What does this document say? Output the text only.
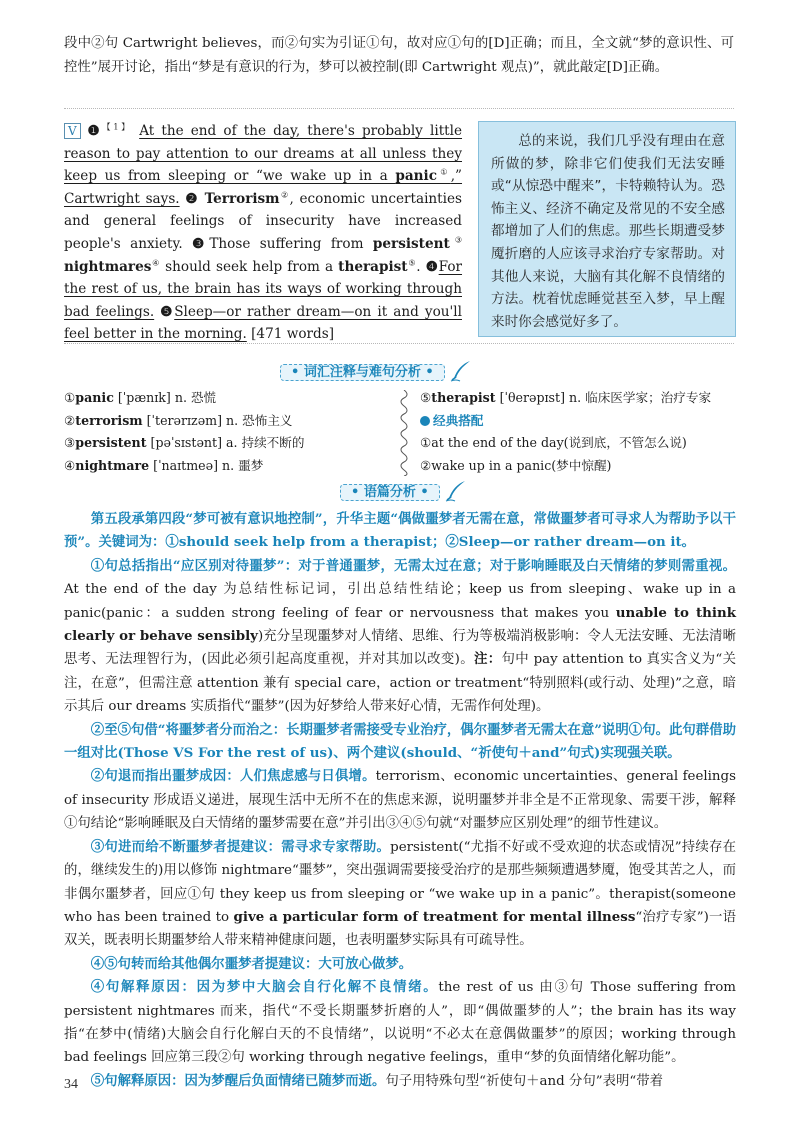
段中②句 Cartwright believes，而②句实为引证①句，故对应①句的[D]正确；而且，全文就“梦的意识性、可控性”展开讨论，指出“梦是有意识的行为，梦可以被控制(即 Cartwright 观点)”，就此敲定[D]正确。

V ❶$^{【1】}$ At the end of the day, there's probably little reason to pay attention to our dreams at all unless they keep us from sleeping or “we wake up in a panic①,” Cartwright says. ❷ Terrorism②, economic uncertainties and general feelings of insecurity have increased people's anxiety. ❸Those suffering from persistent③ nightmares④ should seek help from a therapist⑤. ❹For the rest of us, the brain has its ways of working through bad feelings. ❺Sleep—or rather dream—on it and you'll feel better in the morning. [471 words]

总的来说，我们几乎没有理由在意所做的梦，除非它们使我们无法安睡或“从惊恐中醒来”，卡特赖特认为。恐怖主义、经济不确定及常见的不安全感都增加了人们的焦虑。那些长期遭受梦魇折磨的人应该寻求治疗专家帮助。对其他人来说，大脑有其化解不良情绪的方法。枕着忧虑睡觉甚至入梦，早上醒来时你会感觉好多了。
• 词汇注释与难句分析 •

①panic [ˈpænɪk] n. 恐慌

②terrorism [ˈterərɪzəm] n. 恐怖主义

③persistent [pəˈsɪstənt] a. 持续不断的

④nightmare [ˈnaɪtmeə] n. 噩梦

⑤therapist [ˈθerəpɪst] n. 临床医学家；治疗专家

经典搭配

①at the end of the day(说到底，不管怎么说)

②wake up in a panic(梦中惊醒)

• 语篇分析 •

第五段承第四段“梦可被有意识地控制”，升华主题“偶做噩梦者无需在意，常做噩梦者可寻求人为帮助予以干预”。关键词为：①should seek help from a therapist；②Sleep—or rather dream—on it。

①句总括指出“应区别对待噩梦”：对于普通噩梦，无需太过在意；对于影响睡眠及白天情绪的梦则需重视。At the end of the day 为总结性标记词，引出总结性结论；keep us from sleeping、wake up in a panic(panic：a sudden strong feeling of fear or nervousness that makes you unable to think clearly or behave sensibly)充分呈现噩梦对人情绪、思维、行为等极端消极影响：令人无法安睡、无法清晰思考、无法理智行为，(因此必须引起高度重视，并对其加以改变)。注：句中 pay attention to 真实含义为“关注，在意”，但需注意 attention 兼有 special care，action or treatment“特别照料(或行动、处理)”之意，暗示其后 our dreams 实质指代“噩梦”(因为好梦给人带来好心情，无需作何处理)。

②至⑤句借“将噩梦者分而治之：长期噩梦者需接受专业治疗，偶尔噩梦者无需太在意”说明①句。此句群借助一组对比(Those VS For the rest of us)、两个建议(should、“祈使句＋and”句式)实现强关联。

②句退而指出噩梦成因：人们焦虑感与日俱增。terrorism、economic uncertainties、general feelings of insecurity 形成语义递进，展现生活中无所不在的焦虑来源，说明噩梦并非全是不正常现象、需要干涉，解释①句结论“影响睡眠及白天情绪的噩梦需要在意”并引出③④⑤句就“对噩梦应区别处理”的细节性建议。

③句进而给不断噩梦者提建议：需寻求专家帮助。persistent(“尤指不好或不受欢迎的状态或情况”持续存在的，继续发生的)用以修饰 nightmare“噩梦”，突出强调需要接受治疗的是那些频频遭遇梦魇，饱受其苦之人，而非偶尔噩梦者，回应①句 they keep us from sleeping or “we wake up in a panic”。therapist(someone who has been trained to give a particular form of treatment for mental illness“治疗专家”)一语双关，既表明长期噩梦给人带来精神健康问题，也表明噩梦实际具有可疏导性。

④⑤句转而给其他偶尔噩梦者提建议：大可放心做梦。

④句解释原因：因为梦中大脑会自行化解不良情绪。the rest of us 由③句 Those suffering from persistent nightmares 而来，指代“不受长期噩梦折磨的人”，即“偶做噩梦的人”；the brain has its way 指“在梦中(情绪)大脑会自行化解白天的不良情绪”，以说明“不必太在意偶做噩梦”的原因；working through bad feelings 回应第三段②句 working through negative feelings，重申“梦的负面情绪化解功能”。

⑤句解释原因：因为梦醒后负面情绪已随梦而逝。句子用特殊句型“祈使句＋and 分句”表明“带着

34
